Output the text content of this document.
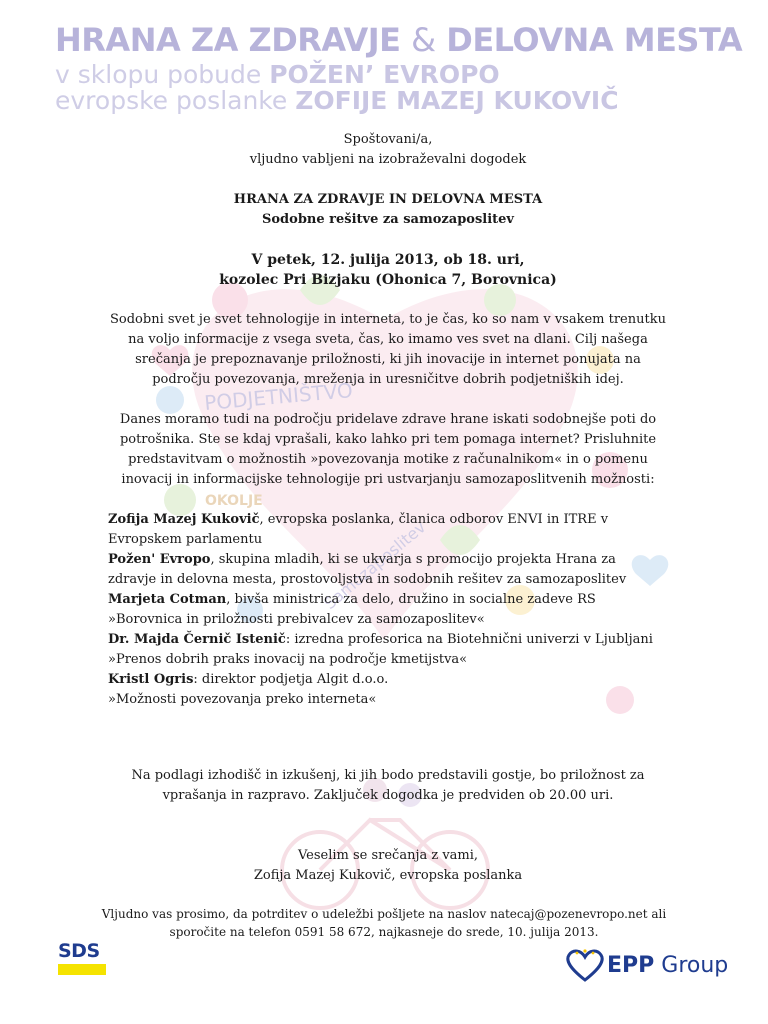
PODJETNIŠTVO
OKOLJE
Samozaposlitev
HRANA ZA ZDRAVJE & DELOVNA MESTA
v sklopu pobude POŽEN’ EVROPO
evropske poslanke ZOFIJE MAZEJ KUKOVIČ

Spoštovani/a,

vljudno vabljeni na izobraževalni dogodek

HRANA ZA ZDRAVJE IN DELOVNA MESTA

Sodobne rešitve za samozaposlitev

V petek, 12. julija 2013, ob 18. uri,

kozolec Pri Bizjaku (Ohonica 7, Borovnica)

Sodobni svet je svet tehnologije in interneta, to je čas, ko so nam v vsakem trenutku na voljo informacije z vsega sveta, čas, ko imamo ves svet na dlani. Cilj našega srečanja je prepoznavanje priložnosti, ki jih inovacije in internet ponujata na področju povezovanja, mreženja in uresničitve dobrih podjetniških idej.

Danes moramo tudi na področju pridelave zdrave hrane iskati sodobnejše poti do potrošnika. Ste se kdaj vprašali, kako lahko pri tem pomaga internet? Prisluhnite predstavitvam o možnostih »povezovanja motike z računalnikom« in o pomenu inovacij in informacijske tehnologije pri ustvarjanju samozaposlitvenih možnosti:

Zofija Mazej Kukovič, evropska poslanka, članica odborov ENVI in ITRE v Evropskem parlamentu

Požen' Evropo, skupina mladih, ki se ukvarja s promocijo projekta Hrana za zdravje in delovna mesta, prostovoljstva in sodobnih rešitev za samozaposlitev

Marjeta Cotman, bivša ministrica za delo, družino in socialne zadeve RS

»Borovnica in priložnosti prebivalcev za samozaposlitev«

Dr. Majda Černič Istenič: izredna profesorica na Biotehnični univerzi v Ljubljani

»Prenos dobrih praks inovacij na področje kmetijstva«

Kristl Ogris: direktor podjetja Algit d.o.o.

»Možnosti povezovanja preko interneta«

Na podlagi izhodišč in izkušenj, ki jih bodo predstavili gostje, bo priložnost za vprašanja in razpravo. Zaključek dogodka je predviden ob 20.00 uri.

Veselim se srečanja z vami,

Zofija Mazej Kukovič, evropska poslanka

Vljudno vas prosimo, da potrditev o udeležbi pošljete na naslov natecaj@pozenevropo.net ali sporočite na telefon 0591 58 672, najkasneje do srede, 10. julija 2013.

SDS
EPP Group
